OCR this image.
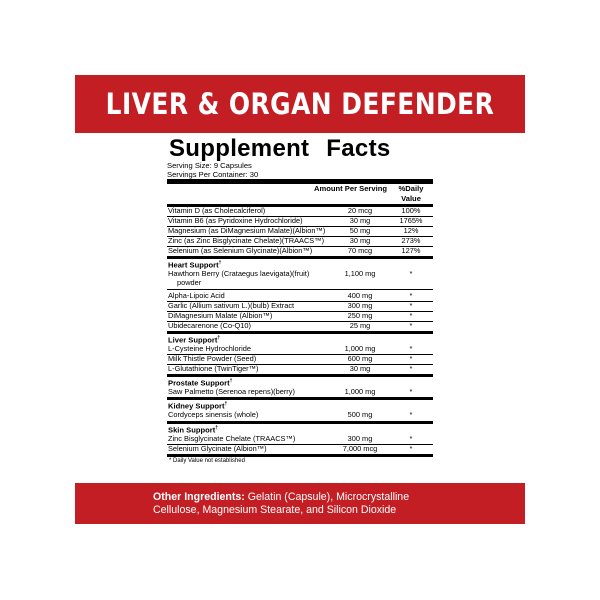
LIVER & ORGAN DEFENDER
Supplement Facts
Serving Size: 9 Capsules
Servings Per Container: 30
Amount Per Serving	%Daily Value
Vitamin D (as Cholecalciferol)	20 mcg	100%
Vitamin B6 (as Pyridoxine Hydrochloride)	30 mg	1765%
Magnesium (as DiMagnesium Malate)(Albion™)	50 mg	12%
Zinc (as Zinc Bisglycinate Chelate)(TRAACS™)	30 mg	273%
Selenium (as Selenium Glycinate)(Albion™)	70 mcg	127%
Heart Support†
Hawthorn Berry (Crataegus laevigata)(fruit)	1,100 mg	*
powder
Alpha-Lipoic Acid	400 mg	*
Garlic (Allium sativum L.)(bulb) Extract	300 mg	*
DiMagnesium Malate (Albion™)	250 mg	*
Ubidecarenone (Co-Q10)	25 mg	*
Liver Support†
L-Cysteine Hydrochloride	1,000 mg	*
Milk Thistle Powder (Seed)	600 mg	*
L-Glutathione (TwinTiger™)	30 mg	*
Prostate Support†
Saw Palmetto (Serenoa repens)(berry)	1,000 mg	*
Kidney Support†
Cordyceps sinensis (whole)	500 mg	*
Skin Support†
Zinc Bisglycinate Chelate (TRAACS™)	300 mg	*
Selenium Glycinate (Albion™)	7,000 mcg	*
* Daily Value not established
Other Ingredients: Gelatin (Capsule), Microcrystalline
Cellulose, Magnesium Stearate, and Silicon Dioxide
